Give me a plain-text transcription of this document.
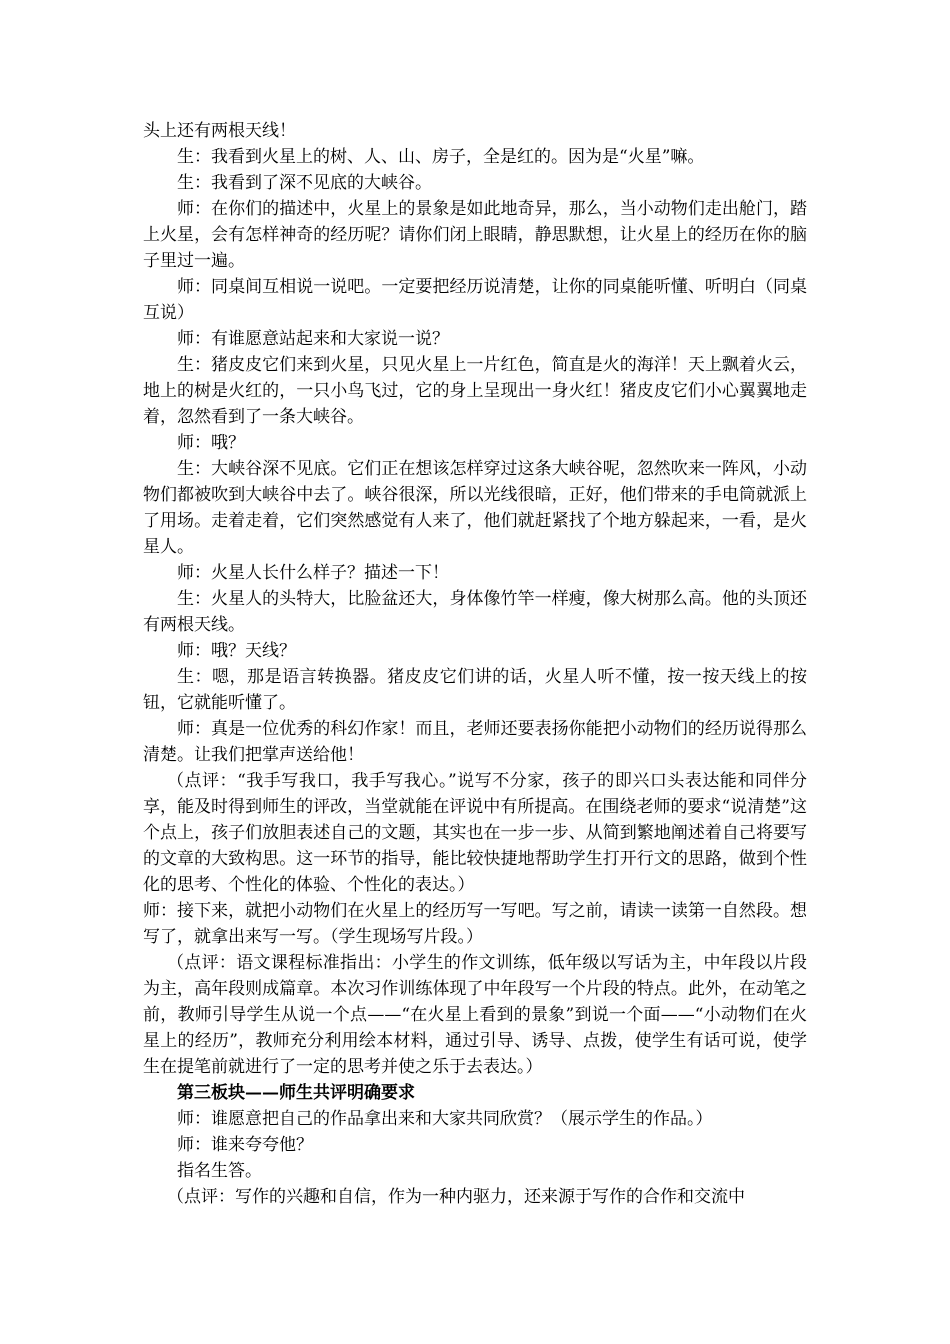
头上还有两根天线！

生：我看到火星上的树、人、山、房子，全是红的。因为是“火星”嘛。

生：我看到了深不见底的大峡谷。

师：在你们的描述中，火星上的景象是如此地奇异，那么，当小动物们走出舱门，踏上火星，会有怎样神奇的经历呢？请你们闭上眼睛，静思默想，让火星上的经历在你的脑子里过一遍。

师：同桌间互相说一说吧。一定要把经历说清楚，让你的同桌能听懂、听明白（同桌互说）

师：有谁愿意站起来和大家说一说？

生：猪皮皮它们来到火星，只见火星上一片红色，简直是火的海洋！天上飘着火云，地上的树是火红的，一只小鸟飞过，它的身上呈现出一身火红！猪皮皮它们小心翼翼地走着，忽然看到了一条大峡谷。

师：哦？

生：大峡谷深不见底。它们正在想该怎样穿过这条大峡谷呢，忽然吹来一阵风，小动物们都被吹到大峡谷中去了。峡谷很深，所以光线很暗，正好，他们带来的手电筒就派上了用场。走着走着，它们突然感觉有人来了，他们就赶紧找了个地方躲起来，一看，是火星人。

师：火星人长什么样子？描述一下！

生：火星人的头特大，比脸盆还大，身体像竹竿一样瘦，像大树那么高。他的头顶还有两根天线。

师：哦？天线？

生：嗯，那是语言转换器。猪皮皮它们讲的话，火星人听不懂，按一按天线上的按钮，它就能听懂了。

师：真是一位优秀的科幻作家！而且，老师还要表扬你能把小动物们的经历说得那么清楚。让我们把掌声送给他！

（点评：“我手写我口，我手写我心。”说写不分家，孩子的即兴口头表达能和同伴分享，能及时得到师生的评改，当堂就能在评说中有所提高。在围绕老师的要求“说清楚”这个点上，孩子们放胆表述自己的文题，其实也在一步一步、从简到繁地阐述着自己将要写的文章的大致构思。这一环节的指导，能比较快捷地帮助学生打开行文的思路，做到个性化的思考、个性化的体验、个性化的表达。）

师：接下来，就把小动物们在火星上的经历写一写吧。写之前，请读一读第一自然段。想写了，就拿出来写一写。（学生现场写片段。）

（点评：语文课程标准指出：小学生的作文训练，低年级以写话为主，中年段以片段为主，高年段则成篇章。本次习作训练体现了中年段写一个片段的特点。此外，在动笔之前，教师引导学生从说一个点——“在火星上看到的景象”到说一个面——“小动物们在火星上的经历”，教师充分利用绘本材料，通过引导、诱导、点拨，使学生有话可说，使学生在提笔前就进行了一定的思考并使之乐于去表达。）

第三板块——师生共评明确要求

师：谁愿意把自己的作品拿出来和大家共同欣赏？（展示学生的作品。）

师：谁来夸夸他？

指名生答。

（点评：写作的兴趣和自信，作为一种内驱力，还来源于写作的合作和交流中
